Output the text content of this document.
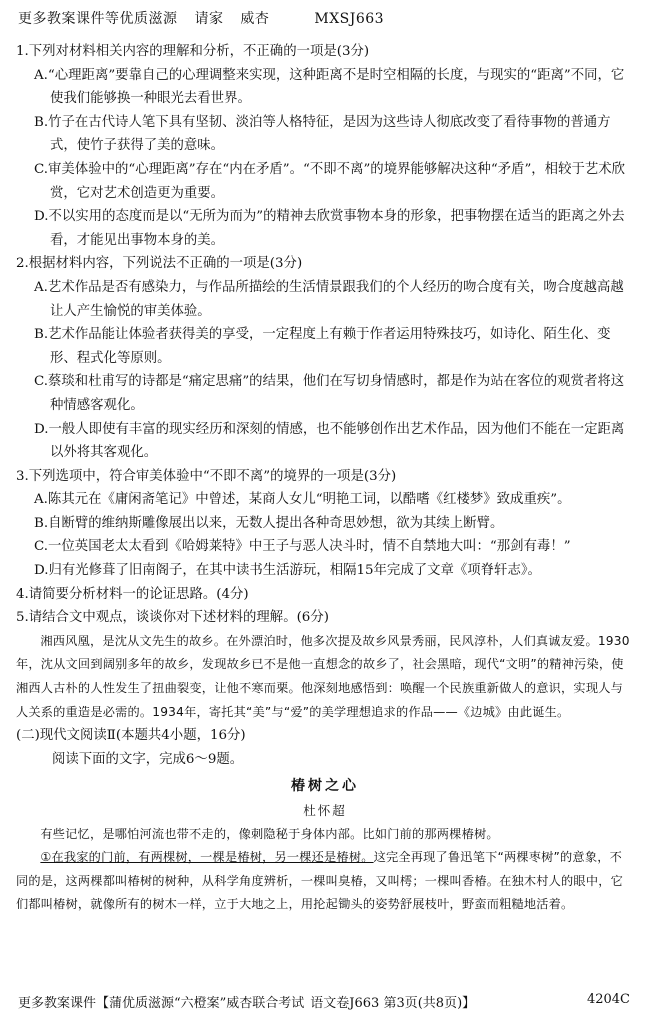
更多教案课件等优质滋源 请家 威杏	MXSJ663

1.下列对材料相关内容的理解和分析，不正确的一项是(3分)

A.“心理距离”要靠自己的心理调整来实现，这种距离不是时空相隔的长度，与现实的“距离”不同，它使我们能够换一种眼光去看世界。

B.竹子在古代诗人笔下具有坚韧、淡泊等人格特征，是因为这些诗人彻底改变了看待事物的普通方式，使竹子获得了美的意味。

C.审美体验中的“心理距离”存在“内在矛盾”。“不即不离”的境界能够解决这种“矛盾”，相较于艺术欣赏，它对艺术创造更为重要。

D.不以实用的态度而是以“无所为而为”的精神去欣赏事物本身的形象，把事物摆在适当的距离之外去看，才能见出事物本身的美。

2.根据材料内容，下列说法不正确的一项是(3分)

A.艺术作品是否有感染力，与作品所描绘的生活情景跟我们的个人经历的吻合度有关，吻合度越高越让人产生愉悦的审美体验。

B.艺术作品能让体验者获得美的享受，一定程度上有赖于作者运用特殊技巧，如诗化、陌生化、变形、程式化等原则。

C.蔡琰和杜甫写的诗都是“痛定思痛”的结果，他们在写切身情感时，都是作为站在客位的观赏者将这种情感客观化。

D.一般人即使有丰富的现实经历和深刻的情感，也不能够创作出艺术作品，因为他们不能在一定距离以外将其客观化。

3.下列选项中，符合审美体验中“不即不离”的境界的一项是(3分)

A.陈其元在《庸闲斋笔记》中曾述，某商人女儿“明艳工词，以酷嗜《红楼梦》致成重疾”。

B.自断臂的维纳斯雕像展出以来，无数人提出各种奇思妙想，欲为其续上断臂。

C.一位英国老太太看到《哈姆莱特》中王子与恶人决斗时，情不自禁地大叫：“那剑有毒！”

D.归有光修葺了旧南阁子，在其中读书生活游玩，相隔15年完成了文章《项脊轩志》。

4.请简要分析材料一的论证思路。(4分)

5.请结合文中观点，谈谈你对下述材料的理解。(6分)

湘西风凰，是沈从文先生的故乡。在外漂泊时，他多次提及故乡风景秀丽，民风淳朴，人们真诚友爱。1930年，沈从文回到阔别多年的故乡，发现故乡已不是他一直想念的故乡了，社会黑暗，现代“文明”的精神污染，使湘西人古朴的人性发生了扭曲裂变，让他不寒而栗。他深刻地感悟到：唤醒一个民族重新做人的意识，实现人与人关系的重造是必需的。1934年，寄托其“美”与“爱”的美学理想追求的作品——《边城》由此诞生。

(二)现代文阅读Ⅱ(本题共4小题，16分)

阅读下面的文字，完成6～9题。

椿树之心

杜怀超

有些记忆，是哪怕河流也带不走的，像刺隐秘于身体内部。比如门前的那两棵椿树。

①在我家的门前，有两棵树，一棵是椿树，另一棵还是椿树。这完全再现了鲁迅笔下“两棵枣树”的意象，不同的是，这两棵都叫椿树的树种，从科学角度辨析，一棵叫臭椿，又叫樗；一棵叫香椿。在独木村人的眼中，它们都叫椿树，就像所有的树木一样，立于大地之上，用抡起锄头的姿势舒展枝叶，野蛮而粗糙地活着。

更多教案课件【蒲优质滋源“六橙案”威杏联合考试 语文卷J663 第3页(共8页)】	4204C
